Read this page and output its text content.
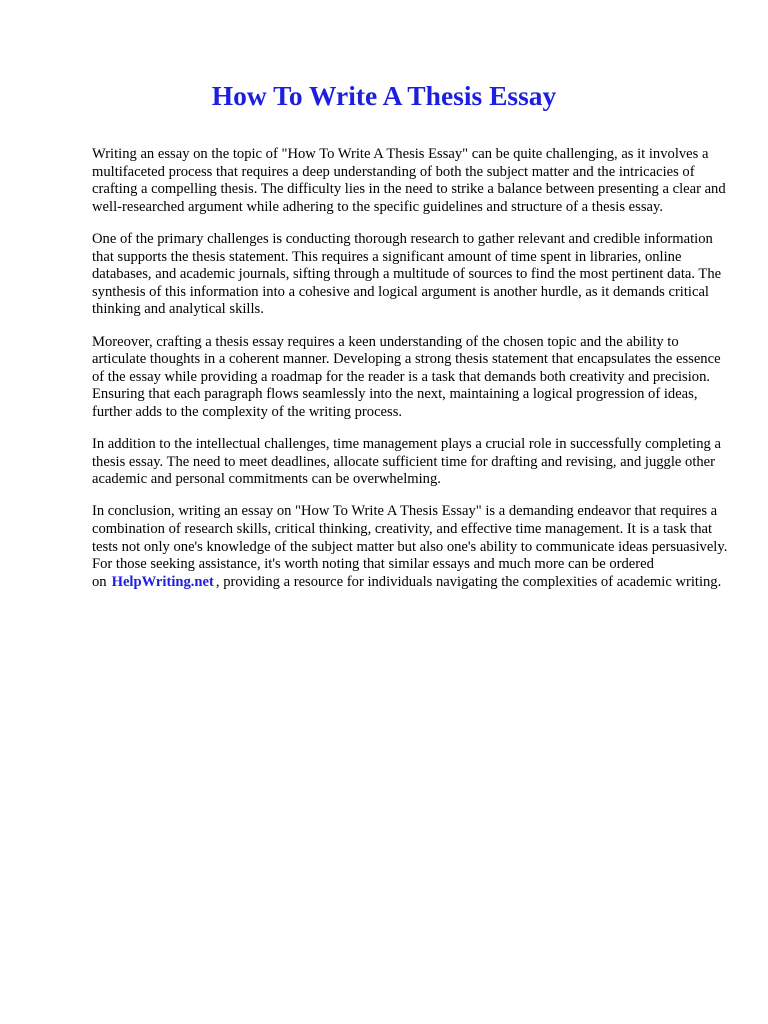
How To Write A Thesis Essay

Writing an essay on the topic of "How To Write A Thesis Essay" can be quite challenging, as it involves a multifaceted process that requires a deep understanding of both the subject matter and the intricacies of crafting a compelling thesis. The difficulty lies in the need to strike a balance between presenting a clear and well-researched argument while adhering to the specific guidelines and structure of a thesis essay.

One of the primary challenges is conducting thorough research to gather relevant and credible information that supports the thesis statement. This requires a significant amount of time spent in libraries, online databases, and academic journals, sifting through a multitude of sources to find the most pertinent data. The synthesis of this information into a cohesive and logical argument is another hurdle, as it demands critical thinking and analytical skills.

Moreover, crafting a thesis essay requires a keen understanding of the chosen topic and the ability to articulate thoughts in a coherent manner. Developing a strong thesis statement that encapsulates the essence of the essay while providing a roadmap for the reader is a task that demands both creativity and precision. Ensuring that each paragraph flows seamlessly into the next, maintaining a logical progression of ideas, further adds to the complexity of the writing process.

In addition to the intellectual challenges, time management plays a crucial role in successfully completing a thesis essay. The need to meet deadlines, allocate sufficient time for drafting and revising, and juggle other academic and personal commitments can be overwhelming.

In conclusion, writing an essay on "How To Write A Thesis Essay" is a demanding endeavor that requires a combination of research skills, critical thinking, creativity, and effective time management. It is a task that tests not only one's knowledge of the subject matter but also one's ability to communicate ideas persuasively. For those seeking assistance, it's worth noting that similar essays and much more can be ordered on HelpWriting.net , providing a resource for individuals navigating the complexities of academic writing.
